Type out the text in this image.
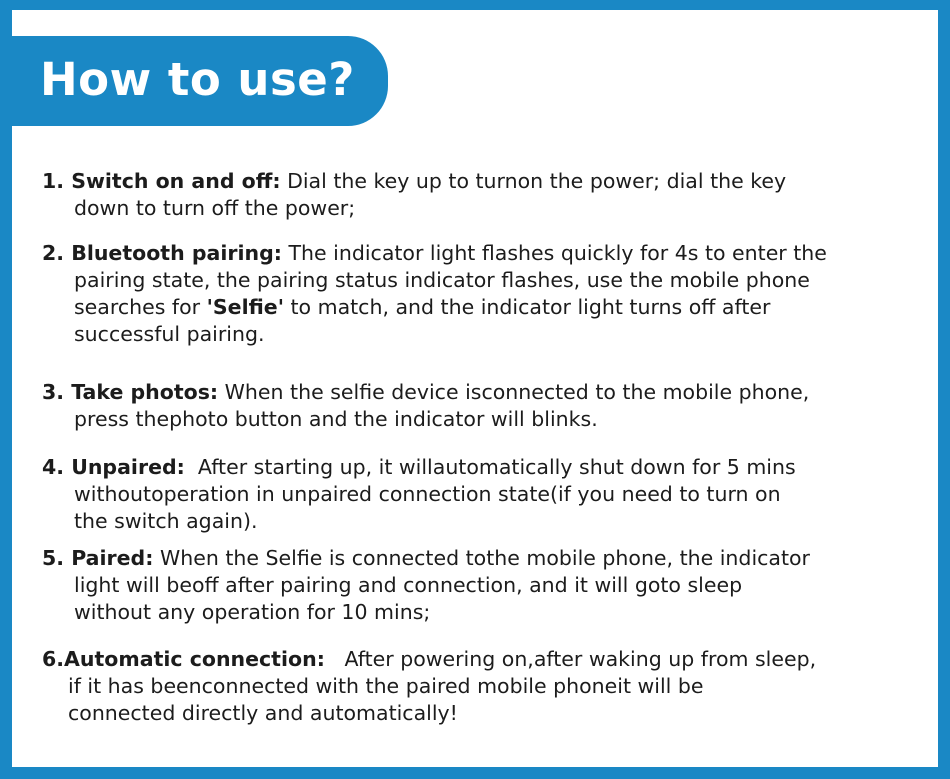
How to use?
1. Switch on and off: Dial the key up to turnon the power; dial the key
down to turn off the power;
2. Bluetooth pairing: The indicator light flashes quickly for 4s to enter the
pairing state, the pairing status indicator flashes, use the mobile phone
searches for 'Selfie' to match, and the indicator light turns off after
successful pairing.
3. Take photos: When the selfie device isconnected to the mobile phone,
press thephoto button and the indicator will blinks.
4. Unpaired: After starting up, it willautomatically shut down for 5 mins
withoutoperation in unpaired connection state(if you need to turn on
the switch again).
5. Paired: When the Selfie is connected tothe mobile phone, the indicator
light will beoff after pairing and connection, and it will goto sleep
without any operation for 10 mins;
6.Automatic connection: After powering on,after waking up from sleep,
if it has beenconnected with the paired mobile phoneit will be
connected directly and automatically!
